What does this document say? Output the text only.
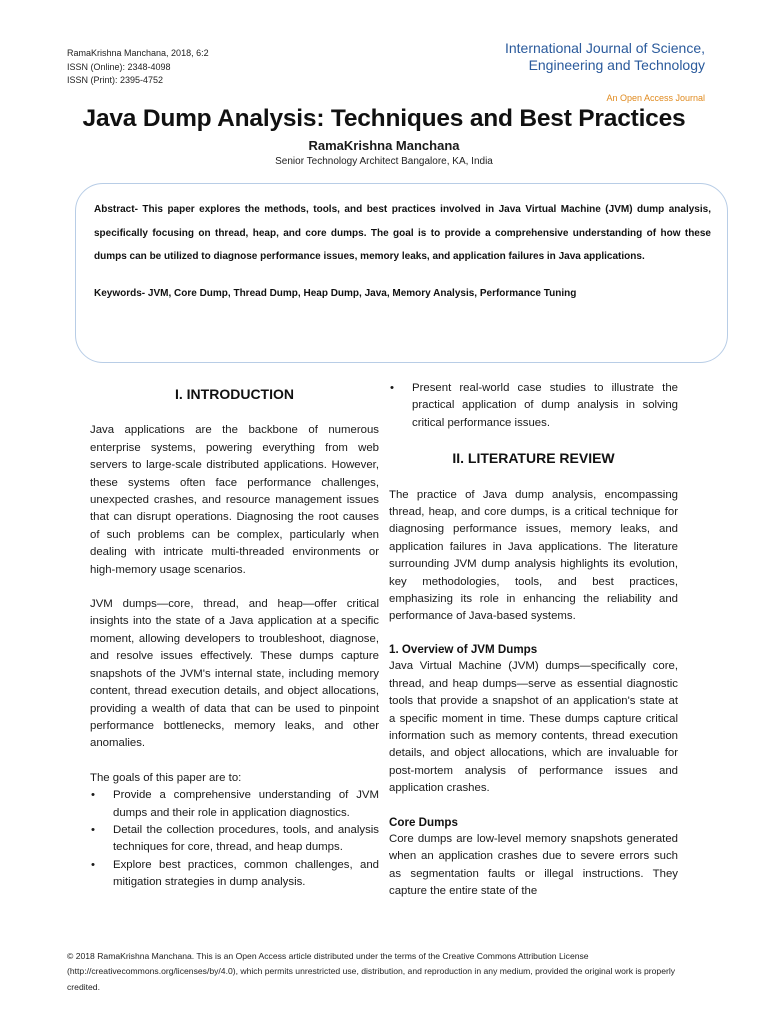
RamaKrishna Manchana, 2018, 6:2
ISSN (Online): 2348-4098
ISSN (Print): 2395-4752
International Journal of Science,
Engineering and Technology
An Open Access Journal
Java Dump Analysis: Techniques and Best Practices
RamaKrishna Manchana
Senior Technology Architect Bangalore, KA, India

Abstract- This paper explores the methods, tools, and best practices involved in Java Virtual Machine (JVM) dump analysis, specifically focusing on thread, heap, and core dumps. The goal is to provide a comprehensive understanding of how these dumps can be utilized to diagnose performance issues, memory leaks, and application failures in Java applications.

Keywords- JVM, Core Dump, Thread Dump, Heap Dump, Java, Memory Analysis, Performance Tuning

I. INTRODUCTION

Java applications are the backbone of numerous enterprise systems, powering everything from web servers to large-scale distributed applications. However, these systems often face performance challenges, unexpected crashes, and resource management issues that can disrupt operations. Diagnosing the root causes of such problems can be complex, particularly when dealing with intricate multi-threaded environments or high-memory usage scenarios.

JVM dumps—core, thread, and heap—offer critical insights into the state of a Java application at a specific moment, allowing developers to troubleshoot, diagnose, and resolve issues effectively. These dumps capture snapshots of the JVM's internal state, including memory content, thread execution details, and object allocations, providing a wealth of data that can be used to pinpoint performance bottlenecks, memory leaks, and other anomalies.

The goals of this paper are to:

• Provide a comprehensive understanding of JVM dumps and their role in application diagnostics.
• Detail the collection procedures, tools, and analysis techniques for core, thread, and heap dumps.
• Explore best practices, common challenges, and mitigation strategies in dump analysis.
• Present real-world case studies to illustrate the practical application of dump analysis in solving critical performance issues.
II. LITERATURE REVIEW

The practice of Java dump analysis, encompassing thread, heap, and core dumps, is a critical technique for diagnosing performance issues, memory leaks, and application failures in Java applications. The literature surrounding JVM dump analysis highlights its evolution, key methodologies, tools, and best practices, emphasizing its role in enhancing the reliability and performance of Java-based systems.

1. Overview of JVM Dumps

Java Virtual Machine (JVM) dumps—specifically core, thread, and heap dumps—serve as essential diagnostic tools that provide a snapshot of an application's state at a specific moment in time. These dumps capture critical information such as memory contents, thread execution details, and object allocations, which are invaluable for post-mortem analysis of performance issues and application crashes.

Core Dumps

Core dumps are low-level memory snapshots generated when an application crashes due to severe errors such as segmentation faults or illegal instructions. They capture the entire state of the

© 2018 RamaKrishna Manchana. This is an Open Access article distributed under the terms of the Creative Commons Attribution License (http://creativecommons.org/licenses/by/4.0), which permits unrestricted use, distribution, and reproduction in any medium, provided the original work is properly credited.
